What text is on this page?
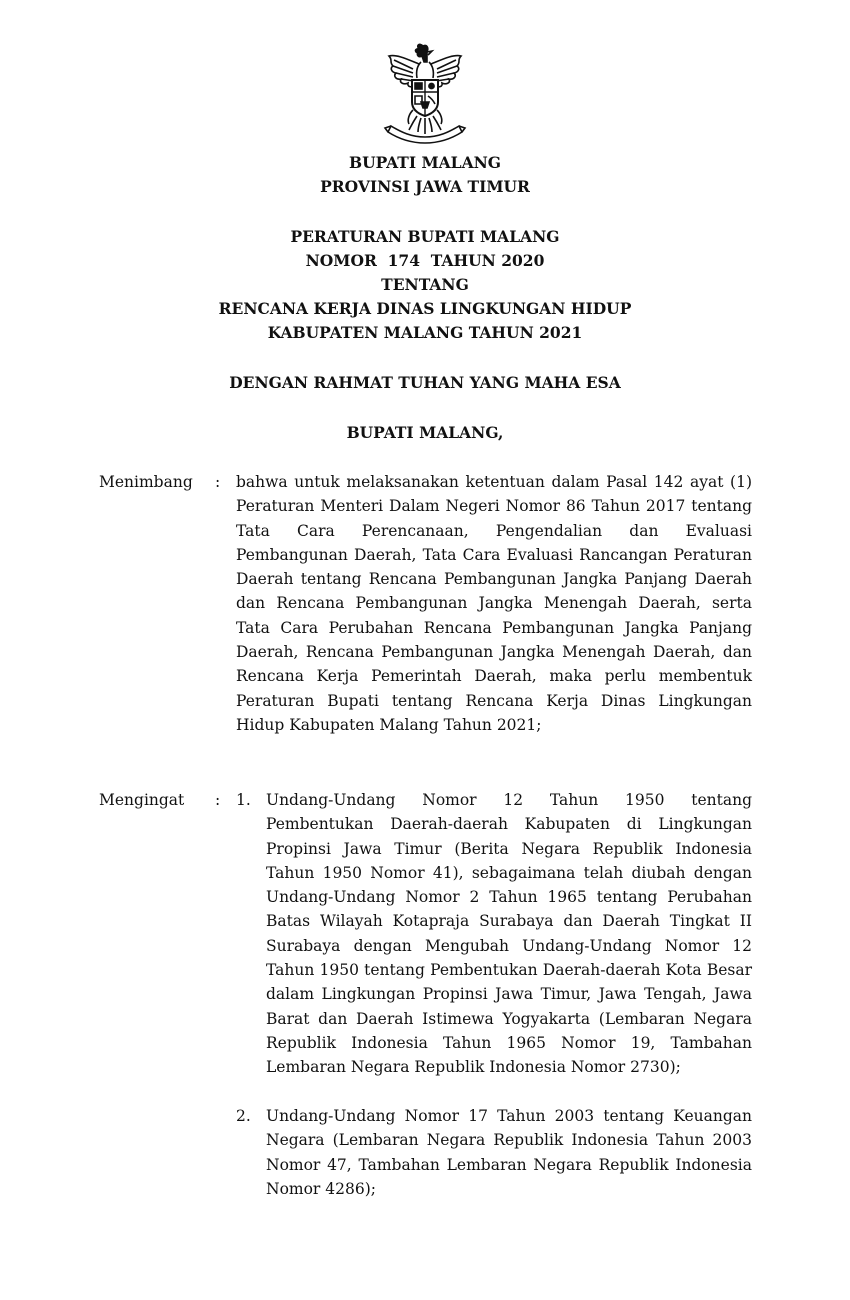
BUPATI MALANG
PROVINSI JAWA TIMUR
PERATURAN BUPATI MALANG
NOMOR  174  TAHUN 2020
TENTANG
RENCANA KERJA DINAS LINGKUNGAN HIDUP
KABUPATEN MALANG TAHUN 2021
DENGAN RAHMAT TUHAN YANG MAHA ESA
BUPATI MALANG,
Menimbang : bahwa untuk melaksanakan ketentuan dalam Pasal 142 ayat (1) Peraturan Menteri Dalam Negeri Nomor 86 Tahun 2017 tentang Tata Cara Perencanaan, Pengendalian dan Evaluasi Pembangunan Daerah, Tata Cara Evaluasi Rancangan Peraturan Daerah tentang Rencana Pembangunan Jangka Panjang Daerah dan Rencana Pembangunan Jangka Menengah Daerah, serta Tata Cara Perubahan Rencana Pembangunan Jangka Panjang Daerah, Rencana Pembangunan Jangka Menengah Daerah, dan Rencana Kerja Pemerintah Daerah, maka perlu membentuk Peraturan Bupati tentang Rencana Kerja Dinas Lingkungan Hidup Kabupaten Malang Tahun 2021;
Mengingat : 1. Undang-Undang Nomor 12 Tahun 1950 tentang Pembentukan Daerah-daerah Kabupaten di Lingkungan Propinsi Jawa Timur (Berita Negara Republik Indonesia Tahun 1950 Nomor 41), sebagaimana telah diubah dengan Undang-Undang Nomor 2 Tahun 1965 tentang Perubahan Batas Wilayah Kotapraja Surabaya dan Daerah Tingkat II Surabaya dengan Mengubah Undang-Undang Nomor 12 Tahun 1950 tentang Pembentukan Daerah-daerah Kota Besar dalam Lingkungan Propinsi Jawa Timur, Jawa Tengah, Jawa Barat dan Daerah Istimewa Yogyakarta (Lembaran Negara Republik Indonesia Tahun 1965 Nomor 19, Tambahan Lembaran Negara Republik Indonesia Nomor 2730);
2. Undang-Undang Nomor 17 Tahun 2003 tentang Keuangan Negara (Lembaran Negara Republik Indonesia Tahun 2003 Nomor 47, Tambahan Lembaran Negara Republik Indonesia Nomor 4286);
